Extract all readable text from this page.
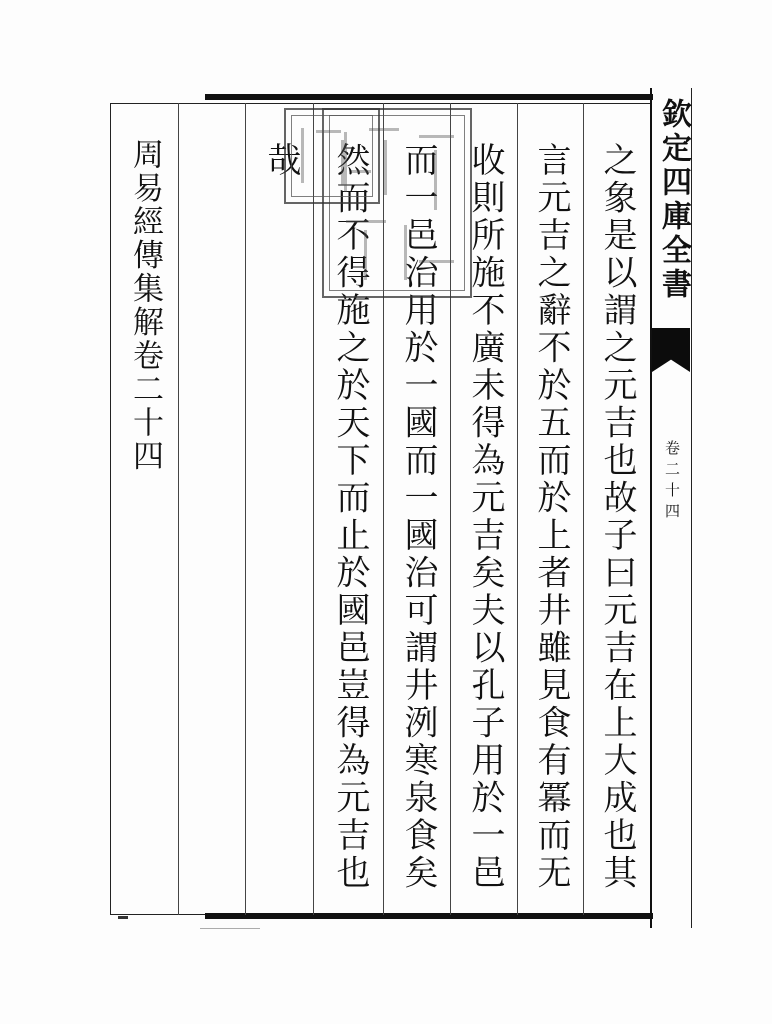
欽定四庫全書
卷二十四
之象是以謂之元吉也故子曰元吉在上大成也其
言元吉之辭不於五而於上者井雖見食有冪而无
收則所施不廣未得為元吉矣夫以孔子用於一邑
而一邑治用於一國而一國治可謂井洌寒泉食矣
然而不得施之於天下而止於國邑豈得為元吉也
哉
周易經傳集解卷二十四
